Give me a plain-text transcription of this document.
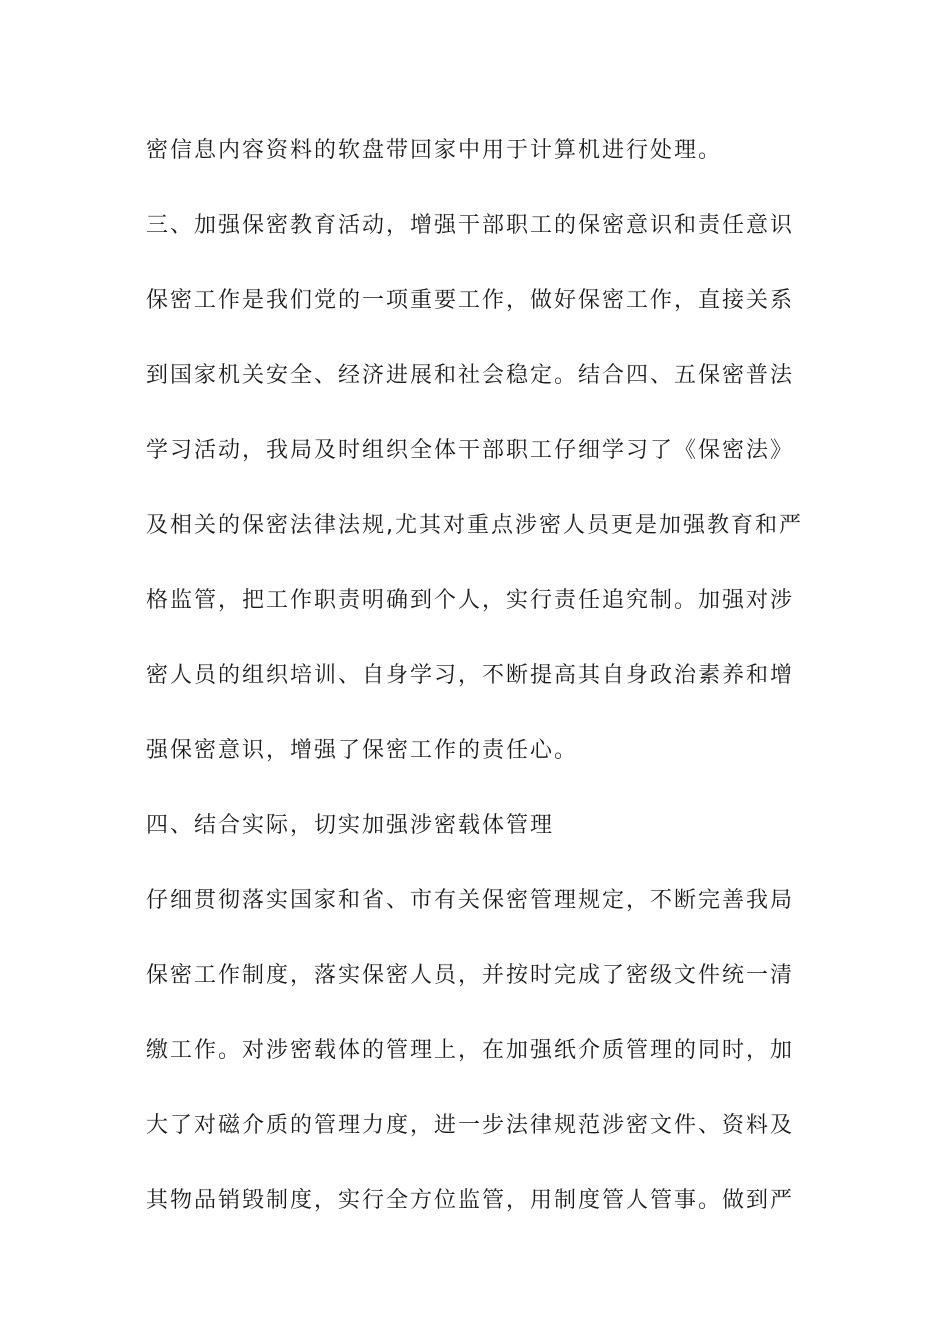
密信息内容资料的软盘带回家中用于计算机进行处理。

三、加强保密教育活动，增强干部职工的保密意识和责任意识

保密工作是我们党的一项重要工作，做好保密工作，直接关系

到国家机关安全、经济进展和社会稳定。结合四、五保密普法

学习活动，我局及时组织全体干部职工仔细学习了《保密法》

及相关的保密法律法规,尤其对重点涉密人员更是加强教育和严

格监管，把工作职责明确到个人，实行责任追究制。加强对涉

密人员的组织培训、自身学习，不断提高其自身政治素养和增

强保密意识，增强了保密工作的责任心。

四、结合实际，切实加强涉密载体管理

仔细贯彻落实国家和省、市有关保密管理规定，不断完善我局

保密工作制度，落实保密人员，并按时完成了密级文件统一清

缴工作。对涉密载体的管理上，在加强纸介质管理的同时，加

大了对磁介质的管理力度，进一步法律规范涉密文件、资料及

其物品销毁制度，实行全方位监管，用制度管人管事。做到严
